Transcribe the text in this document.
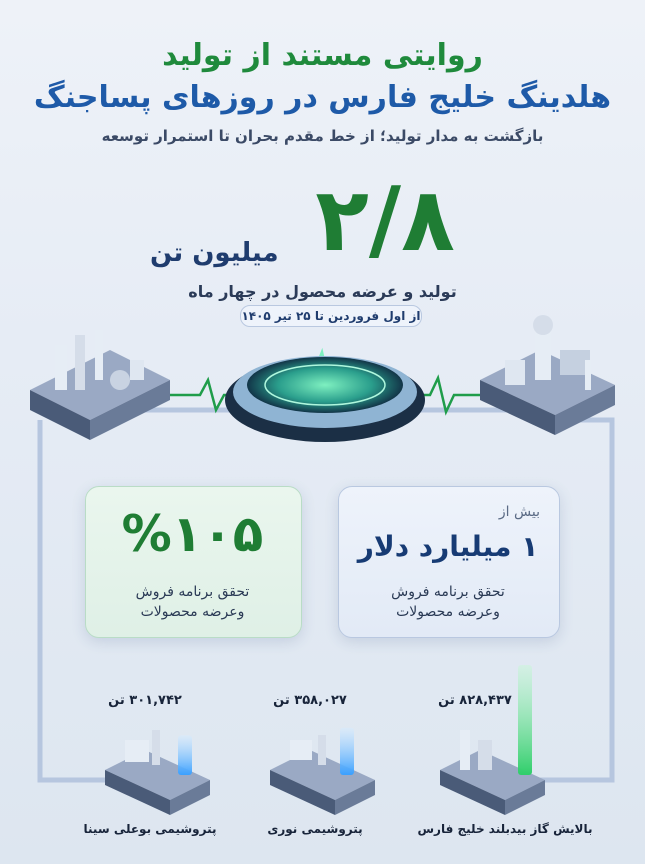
روایتی مستند از تولید
هلدینگ خلیج فارس در روزهای پساجنگ
بازگشت به مدار تولید؛ از خط مقدم بحران تا استمرار توسعه
۲/۸
میلیون تن
تولید و عرضه محصول در چهار ماه
از اول فروردین تا ۲۵ تیر ۱۴۰۵
%۱۰۵
تحقق برنامه فروش
وعرضه محصولات
بیش از
۱ میلیارد دلار
تحقق برنامه فروش
وعرضه محصولات
۸۲۸,۴۳۷ تن
۳۵۸,۰۲۷ تن
۳۰۱,۷۴۲ تن
بالایش گاز بیدبلند خلیج فارس
پتروشیمی نوری
پتروشیمی بوعلی سینا
